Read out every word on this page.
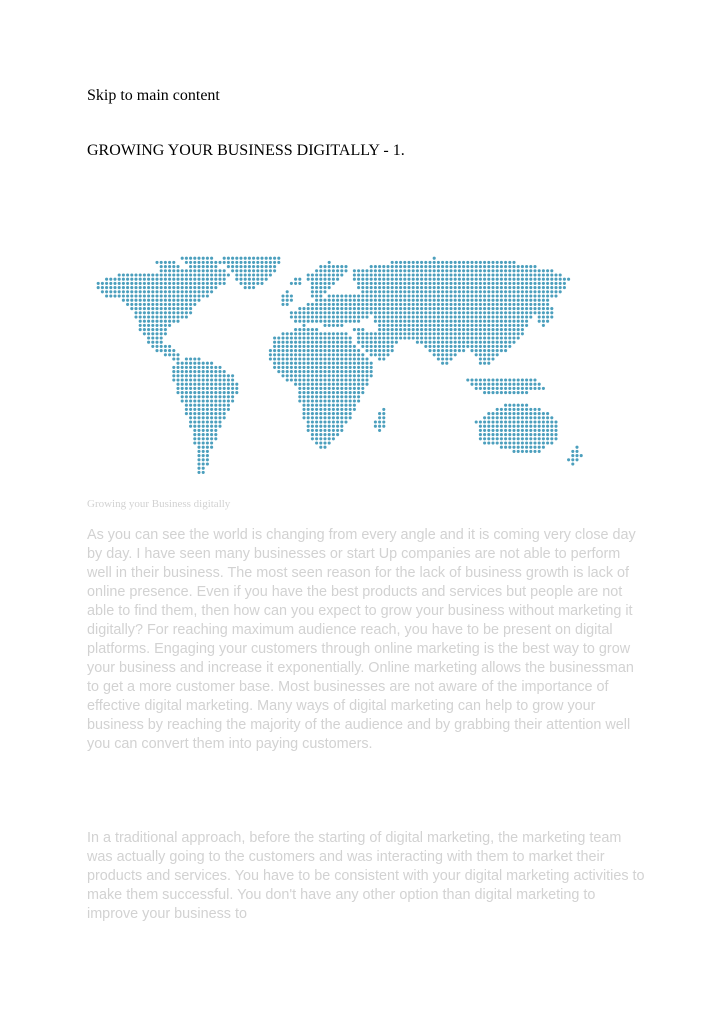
Skip to main content
GROWING YOUR BUSINESS DIGITALLY - 1.
Growing your Business digitally

As you can see the world is changing from every angle and it is coming very close day by day. I have seen many businesses or start Up companies are not able to perform well in their business. The most seen reason for the lack of business growth is lack of online presence. Even if you have the best products and services but people are not able to find them, then how can you expect to grow your business without marketing it digitally? For reaching maximum audience reach, you have to be present on digital platforms. Engaging your customers through online marketing is the best way to grow your business and increase it exponentially. Online marketing allows the businessman to get a more customer base. Most businesses are not aware of the importance of effective digital marketing. Many ways of digital marketing can help to grow your business by reaching the majority of the audience and by grabbing their attention well you can convert them into paying customers.

In a traditional approach, before the starting of digital marketing, the marketing team was actually going to the customers and was interacting with them to market their products and services. You have to be consistent with your digital marketing activities to make them successful. You don't have any other option than digital marketing to improve your business to
